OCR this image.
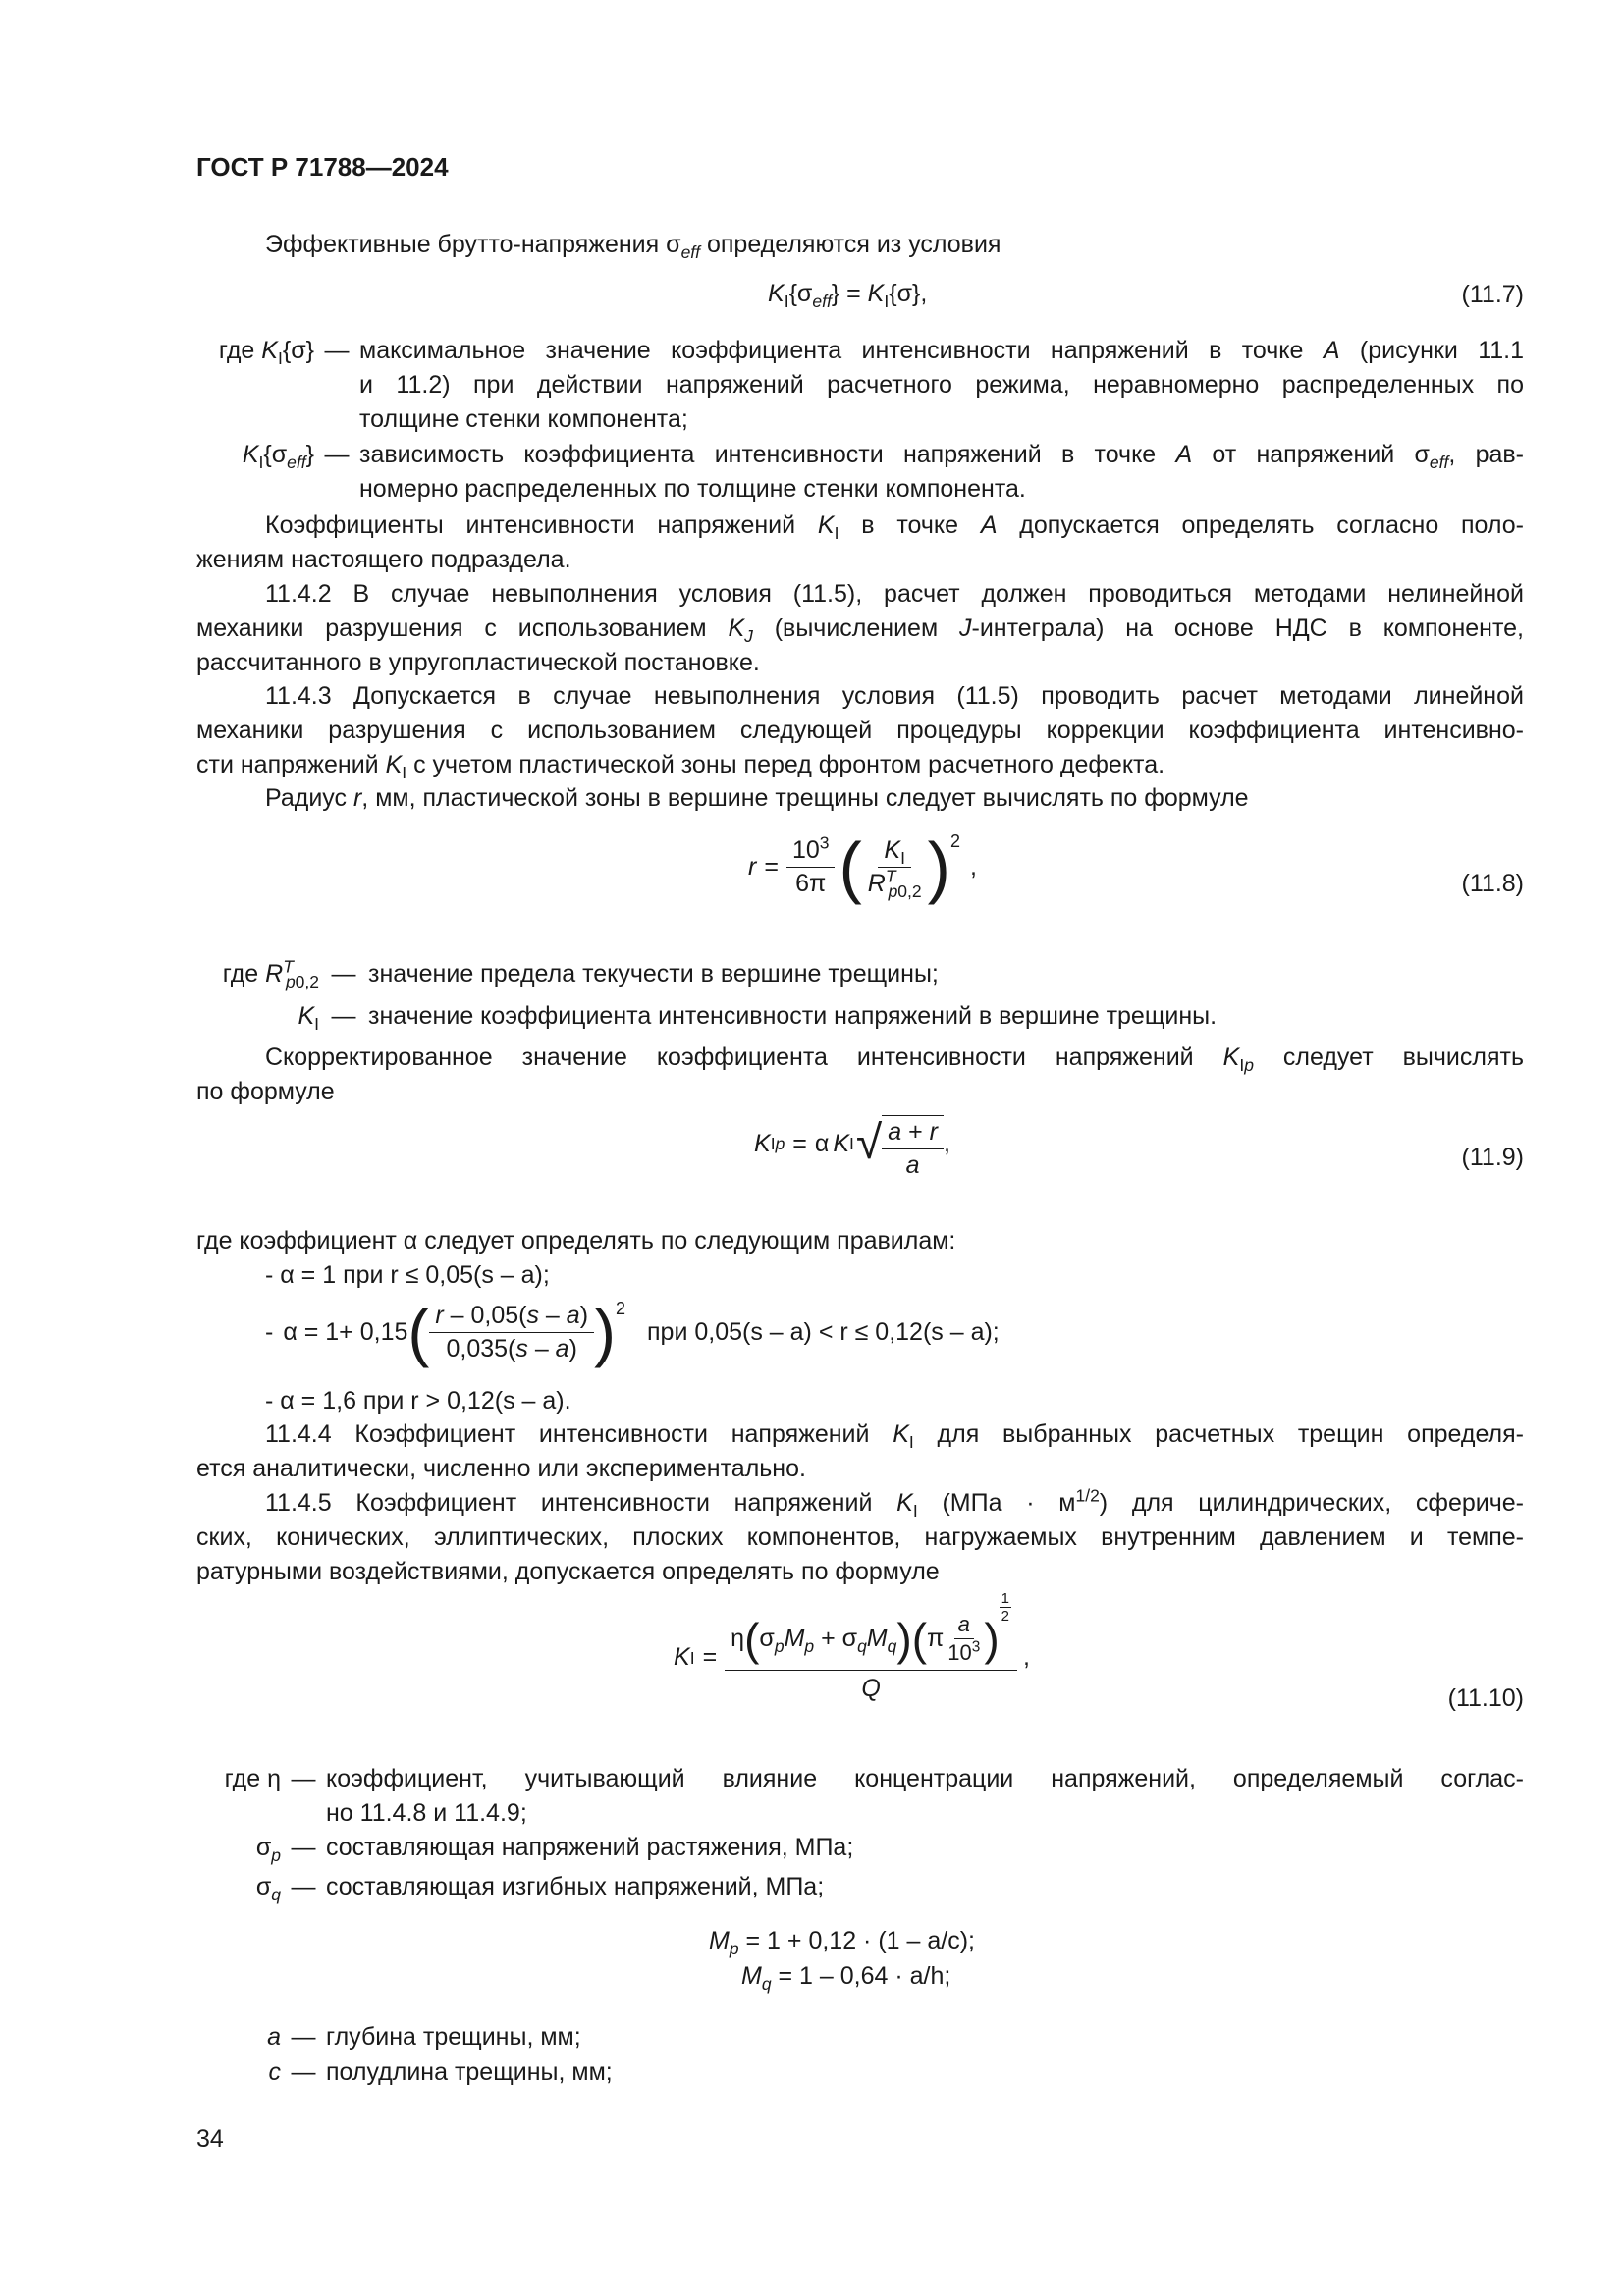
ГОСТ Р 71788—2024
Эффективные брутто-напряжения $\sigma_{eff}$ определяются из условия
$K_I\{\sigma_{eff}\} = K_I\{\sigma\}$,	(11.7)
где $K_I\{\sigma\}$ — максимальное значение коэффициента интенсивности напряжений в точке A (рисунки 11.1
и 11.2) при действии напряжений расчетного режима, неравномерно распределенных по
толщине стенки компонента;
$K_I\{\sigma_{eff}\}$ — зависимость коэффициента интенсивности напряжений в точке A от напряжений $\sigma_{eff}$, рав-
номерно распределенных по толщине стенки компонента.
Коэффициенты интенсивности напряжений $K_I$ в точке A допускается определять согласно поло-
жениям настоящего подраздела.
11.4.2 В случае невыполнения условия (11.5), расчет должен проводиться методами нелинейной
механики разрушения с использованием $K_J$ (вычислением J-интеграла) на основе НДС в компоненте,
рассчитанного в упругопластической постановке.
11.4.3 Допускается в случае невыполнения условия (11.5) проводить расчет методами линейной
механики разрушения с использованием следующей процедуры коррекции коэффициента интенсивно-
сти напряжений $K_I$ с учетом пластической зоны перед фронтом расчетного дефекта.
Радиус r, мм, пластической зоны в вершине трещины следует вычислять по формуле
$r = \frac{10^3}{6\pi}$ ( $\frac{K_I}{R^T_{p0,2}} )^2$
,
(11.8)
где $R^T_{p0,2}$ — значение предела текучести в вершине трещины;
$K_I$ — значение коэффициента интенсивности напряжений в вершине трещины.
Скорректированное значение коэффициента интенсивности напряжений $K_{Ip}$ следует вычислять
по формуле
K Ip = α K I √ $\frac{a + r}{a}$ ,
(11.9)
где коэффициент α следует определять по следующим правилам:
- α = 1 при r ≤ 0,05(s – a);
- α = 1+ 0,15 ( $\frac{r - 0,05(s - a)}{0,035(s - a)} )^2$
при 0,05(s – a) < r ≤ 0,12(s – a);
- α = 1,6 при r > 0,12(s – a).
11.4.4 Коэффициент интенсивности напряжений $K_I$ для выбранных расчетных трещин определя-
ется аналитически, численно или экспериментально.
11.4.5 Коэффициент интенсивности напряжений $K_I$ $(МПа \cdot м^{1/2})$ для цилиндрических, сфериче-
ских, конических, эллиптических, плоских компонентов, нагружаемых внутренним давлением и темпе-
ратурными воздействиями, допускается определять по формуле
K I =
η ( $\sigma_pM_p + \sigma_qM_q$ ) ( π $\frac{a}{10^3}$ )
$\frac{1}{2}$
Q
,
(11.10)
где η — коэффициент, учитывающий влияние концентрации напряжений, определяемый соглас-
но 11.4.8 и 11.4.9;
$\sigma_p$ — составляющая напряжений растяжения, МПа;
$\sigma_q$ — составляющая изгибных напряжений, МПа;
$M_p = 1 + 0,12 \cdot (1 - a/c)$;
$M_q = 1 - 0,64 \cdot a/h$;
a — глубина трещины, мм;
c — полудлина трещины, мм;
34
